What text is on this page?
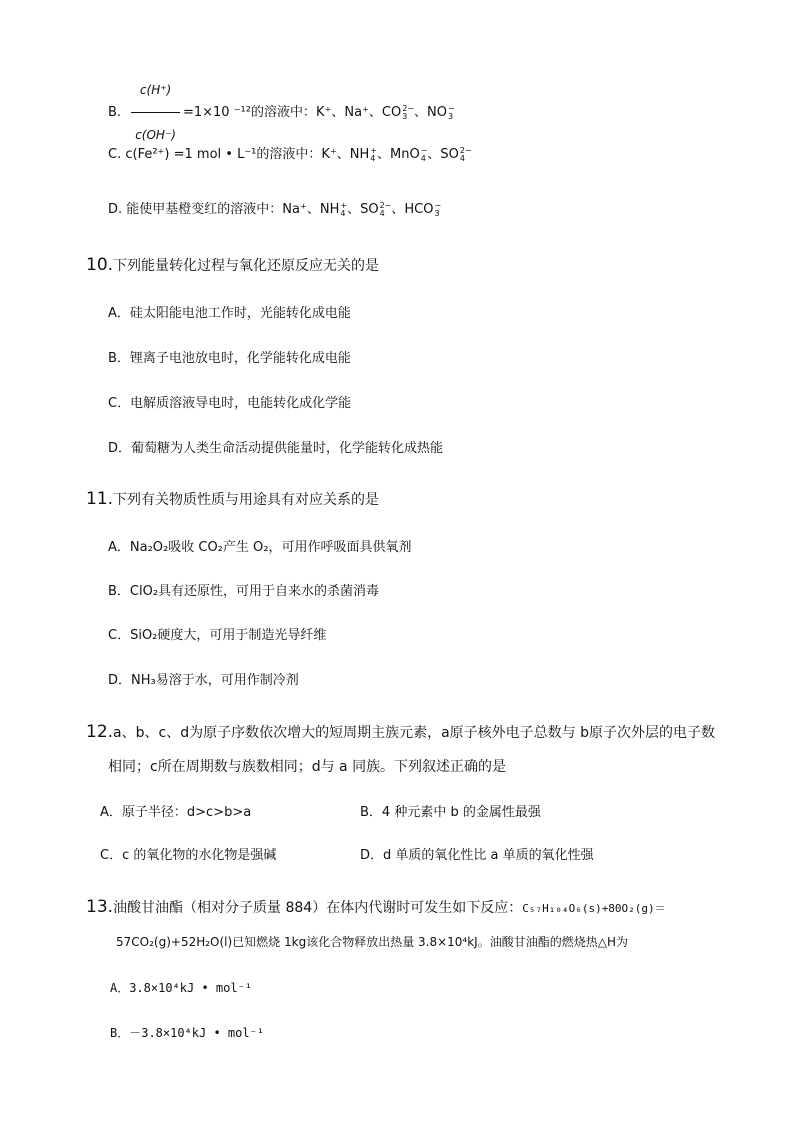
B. $\frac{c(H^+)}{c(OH^-)} =1\times 10$ ⁻¹²的溶液中：K⁺、Na⁺、CO 2−
3 、NO −
3
C. c(Fe²⁺) =1 mol • L⁻¹的溶液中：K⁺、NH +
4 、MnO −
4 、SO 2−
4
D. 能使甲基橙变红的溶液中：Na⁺、NH +
4 、SO 2−
4 、HCO −
3
10.下列能量转化过程与氧化还原反应无关的是
A．硅太阳能电池工作时，光能转化成电能
B．锂离子电池放电时，化学能转化成电能
C．电解质溶液导电时，电能转化成化学能
D．葡萄糖为人类生命活动提供能量时，化学能转化成热能
11.下列有关物质性质与用途具有对应关系的是
A．Na₂O₂吸收 CO₂产生 O₂，可用作呼吸面具供氧剂
B．ClO₂具有还原性，可用于自来水的杀菌消毒
C．SiO₂硬度大，可用于制造光导纤维
D．NH₃易溶于水，可用作制冷剂
12.a、b、c、d为原子序数依次增大的短周期主族元素，a原子核外电子总数与 b原子次外层的电子数
相同；c所在周期数与族数相同；d与 a 同族。下列叙述正确的是
A．原子半径：d>c>b>a	B．4 种元素中 b 的金属性最强
C．c 的氧化物的水化物是强碱	D．d 单质的氧化性比 a 单质的氧化性强
13.油酸甘油酯（相对分子质量 884）在体内代谢时可发生如下反应：C₅₇H₁₀₄O₆(s)+80O₂(g)＝
57CO₂(g)+52H₂O(l)已知燃烧 1kg该化合物释放出热量 3.8×10⁴kJ。油酸甘油酯的燃烧热△H为
A．3.8×10⁴kJ • mol⁻¹
B．－3.8×10⁴kJ • mol⁻¹
